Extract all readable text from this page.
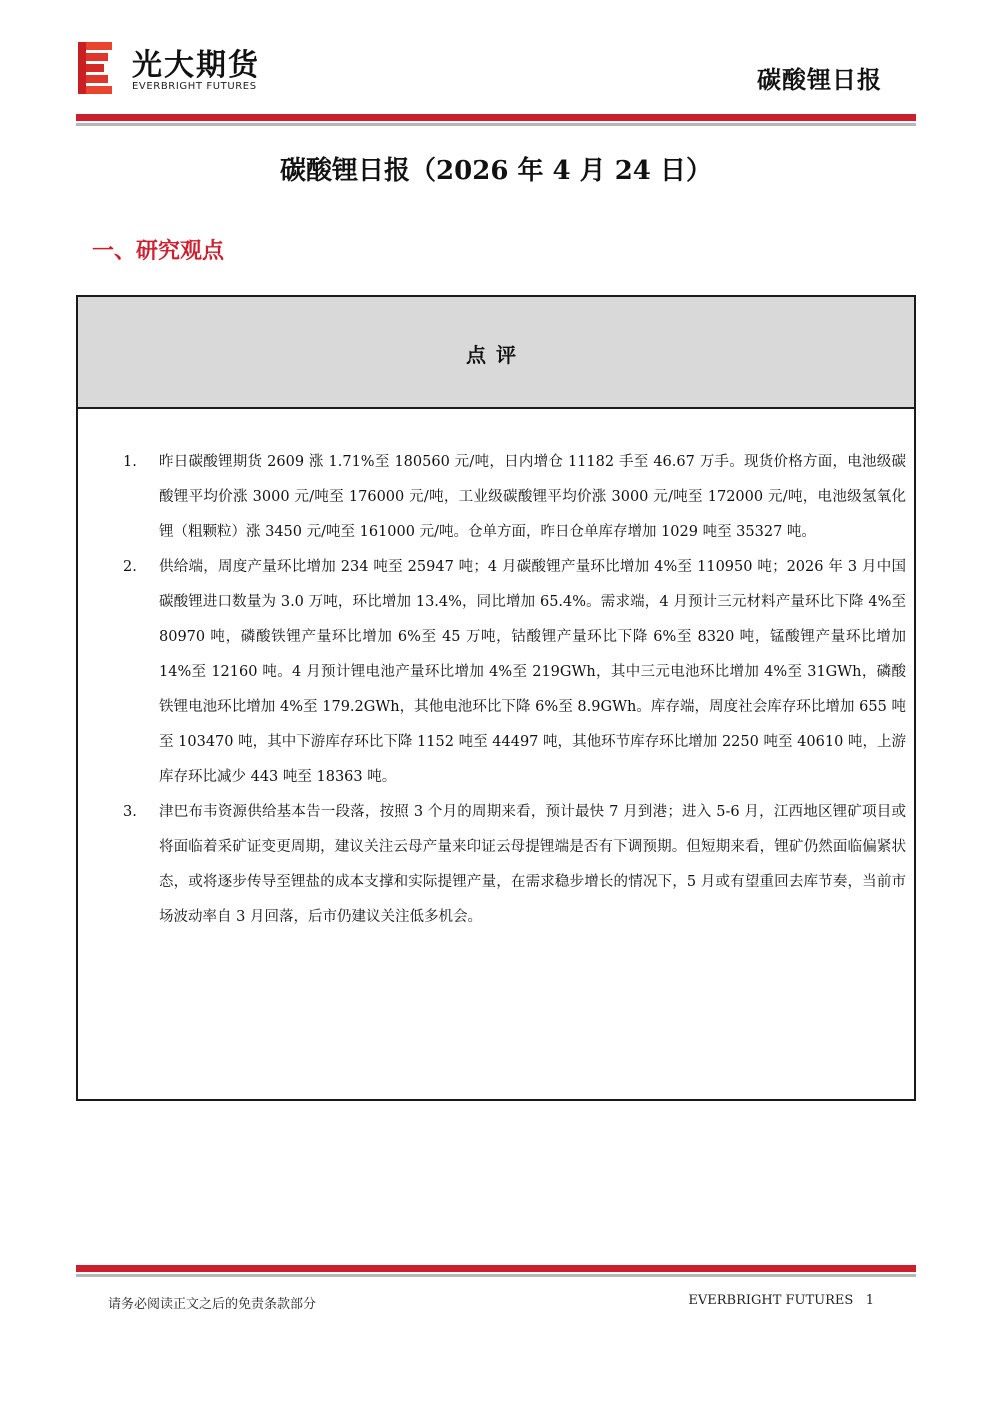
光大期货
EVERBRIGHT FUTURES	碳酸锂日报
碳酸锂日报（2026 年 4 月 24 日）
一、研究观点
点评
1. 昨日碳酸锂期货 2609 涨 1.71%至 180560 元/吨，日内增仓 11182 手至 46.67 万手。现货价格方面，电池级碳酸锂平均价涨 3000 元/吨至 176000 元/吨，工业级碳酸锂平均价涨 3000 元/吨至 172000 元/吨，电池级氢氧化锂（粗颗粒）涨 3450 元/吨至 161000 元/吨。仓单方面，昨日仓单库存增加 1029 吨至 35327 吨。
2. 供给端，周度产量环比增加 234 吨至 25947 吨；4 月碳酸锂产量环比增加 4%至 110950 吨；2026 年 3 月中国碳酸锂进口数量为 3.0 万吨，环比增加 13.4%，同比增加 65.4%。需求端，4 月预计三元材料产量环比下降 4%至 80970 吨，磷酸铁锂产量环比增加 6%至 45 万吨，钴酸锂产量环比下降 6%至 8320 吨，锰酸锂产量环比增加 14%至 12160 吨。4 月预计锂电池产量环比增加 4%至 219GWh，其中三元电池环比增加 4%至 31GWh，磷酸铁锂电池环比增加 4%至 179.2GWh，其他电池环比下降 6%至 8.9GWh。库存端，周度社会库存环比增加 655 吨至 103470 吨，其中下游库存环比下降 1152 吨至 44497 吨，其他环节库存环比增加 2250 吨至 40610 吨，上游库存环比减少 443 吨至 18363 吨。
3. 津巴布韦资源供给基本告一段落，按照 3 个月的周期来看，预计最快 7 月到港；进入 5-6 月，江西地区锂矿项目或将面临着采矿证变更周期，建议关注云母产量来印证云母提锂端是否有下调预期。但短期来看，锂矿仍然面临偏紧状态，或将逐步传导至锂盐的成本支撑和实际提锂产量，在需求稳步增长的情况下，5 月或有望重回去库节奏，当前市场波动率自 3 月回落，后市仍建议关注低多机会。
请务必阅读正文之后的免责条款部分	EVERBRIGHT FUTURES 1
